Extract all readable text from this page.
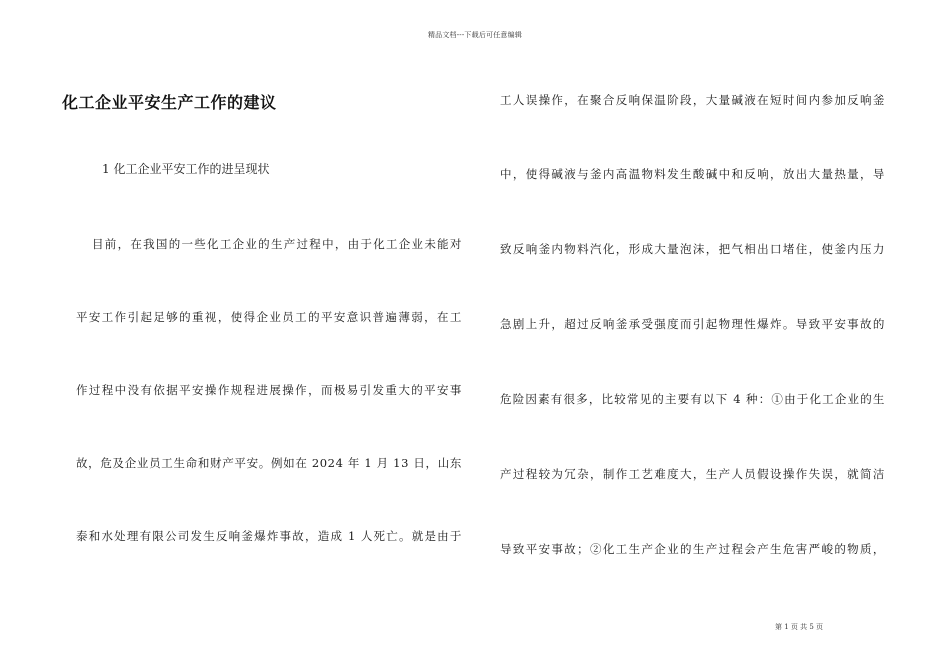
精品文档---下载后可任意编辑
化工企业平安生产工作的建议
1 化工企业平安工作的进呈现状
目前，在我国的一些化工企业的生产过程中，由于化工企业未能对
平安工作引起足够的重视，使得企业员工的平安意识普遍薄弱，在工
作过程中没有依据平安操作规程进展操作，而极易引发重大的平安事
故，危及企业员工生命和财产平安。例如在 2024 年 1 月 13 日，山东
泰和水处理有限公司发生反响釜爆炸事故，造成 1 人死亡。就是由于
工人误操作，在聚合反响保温阶段，大量碱液在短时间内参加反响釜
中，使得碱液与釜内高温物料发生酸碱中和反响，放出大量热量，导
致反响釜内物料汽化，形成大量泡沫，把气相出口堵住，使釜内压力
急剧上升，超过反响釜承受强度而引起物理性爆炸。导致平安事故的
危险因素有很多，比较常见的主要有以下 4 种：①由于化工企业的生
产过程较为冗杂，制作工艺难度大，生产人员假设操作失误，就简洁
导致平安事故；②化工生产企业的生产过程会产生危害严峻的物质，
第 1 页 共 5 页
